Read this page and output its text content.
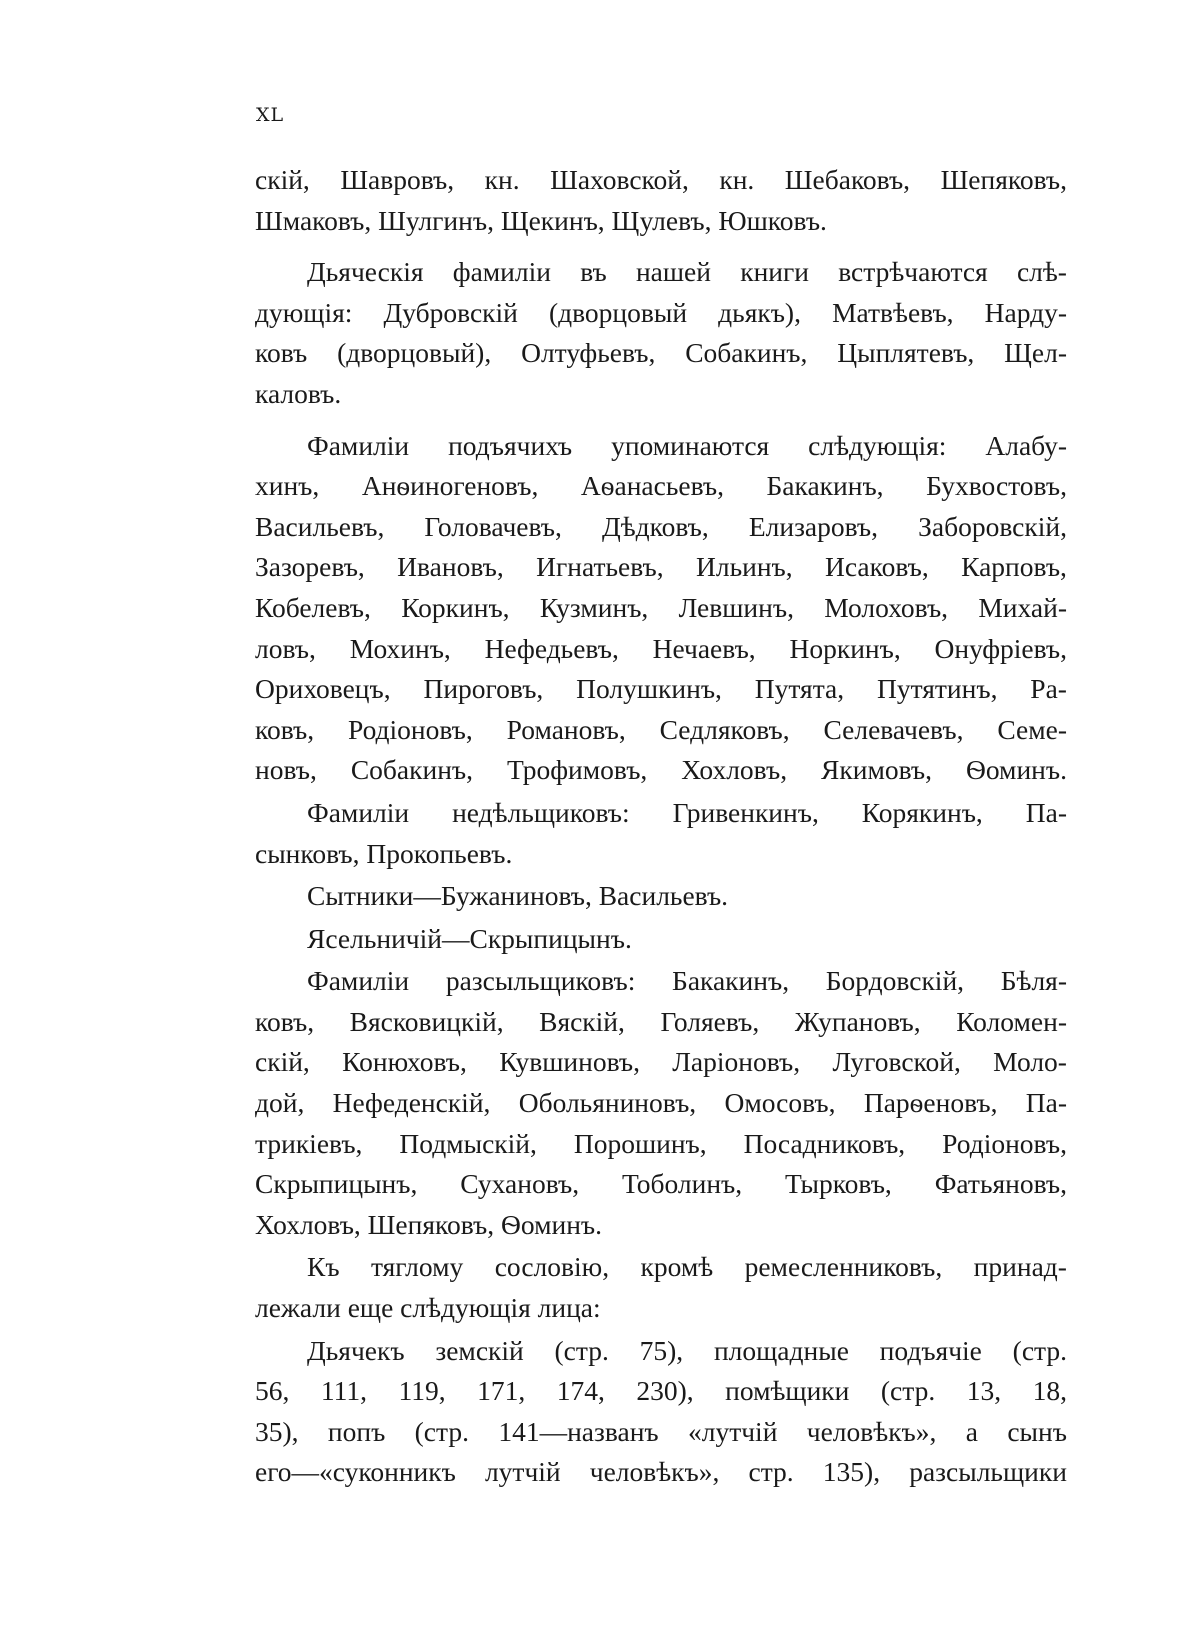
XL
скій, Шавровъ, кн. Шаховской, кн. Шебаковъ, Шепяковъ,
Шмаковъ, Шулгинъ, Щекинъ, Щулевъ, Юшковъ.
Дьяческія фамиліи въ нашей книги встрѣчаются слѣ-
дующія: Дубровскій (дворцовый дьякъ), Матвѣевъ, Нарду-
ковъ (дворцовый), Олтуфьевъ, Собакинъ, Цыплятевъ, Щел-
каловъ.
Фамиліи подъячихъ упоминаются слѣдующія: Алабу-
хинъ, Анѳиногеновъ, Аѳанасьевъ, Бакакинъ, Бухвостовъ,
Васильевъ, Головачевъ, Дѣдковъ, Елизаровъ, Заборовскій,
Зазоревъ, Ивановъ, Игнатьевъ, Ильинъ, Исаковъ, Карповъ,
Кобелевъ, Коркинъ, Кузминъ, Левшинъ, Молоховъ, Михай-
ловъ, Мохинъ, Нефедьевъ, Нечаевъ, Норкинъ, Онуфріевъ,
Ориховецъ, Пироговъ, Полушкинъ, Путята, Путятинъ, Ра-
ковъ, Родіоновъ, Романовъ, Седляковъ, Селевачевъ, Семе-
новъ, Собакинъ, Трофимовъ, Хохловъ, Якимовъ, Ѳоминъ.
Фамиліи недѣльщиковъ: Гривенкинъ, Корякинъ, Па-
сынковъ, Прокопьевъ.
Сытники—Бужаниновъ, Васильевъ.
Ясельничій—Скрыпицынъ.
Фамиліи разсыльщиковъ: Бакакинъ, Бордовскій, Бѣля-
ковъ, Вясковицкій, Вяскій, Голяевъ, Жупановъ, Коломен-
скій, Конюховъ, Кувшиновъ, Ларіоновъ, Луговской, Моло-
дой, Нефеденскій, Обольяниновъ, Омосовъ, Парѳеновъ, Па-
трикіевъ, Подмыскій, Порошинъ, Посадниковъ, Родіоновъ,
Скрыпицынъ, Сухановъ, Тоболинъ, Тырковъ, Фатьяновъ,
Хохловъ, Шепяковъ, Ѳоминъ.
Къ тяглому сословію, кромѣ ремесленниковъ, принад-
лежали еще слѣдующія лица:
Дьячекъ земскій (стр. 75), площадные подъячіе (стр.
56, 111, 119, 171, 174, 230), помѣщики (стр. 13, 18,
35), попъ (стр. 141—названъ «лутчій человѣкъ», а сынъ
его—«суконникъ лутчій человѣкъ», стр. 135), разсыльщики
